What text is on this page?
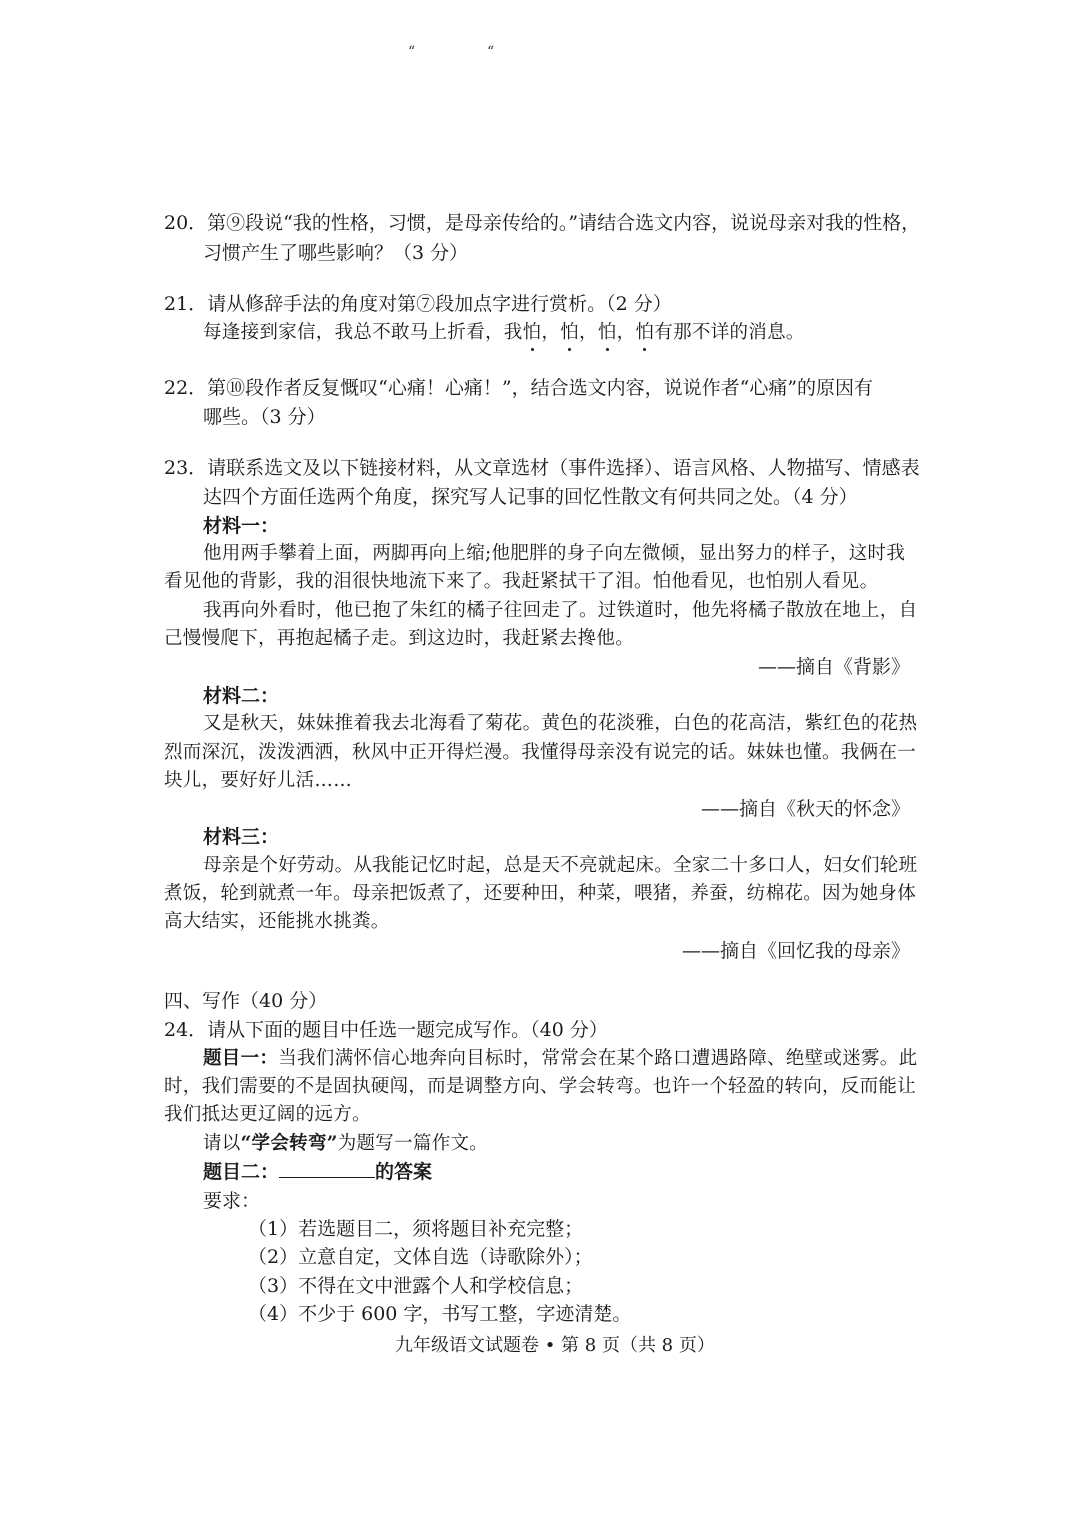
“	“
20．第⑨段说“我的性格，习惯，是母亲传给的。”请结合选文内容，说说母亲对我的性格，
习惯产生了哪些影响？（3 分）
21．请从修辞手法的角度对第⑦段加点字进行赏析。（2 分）
每逢接到家信，我总不敢马上折看，我怕，怕，怕，怕有那不详的消息。
22．第⑩段作者反复慨叹“心痛！心痛！”，结合选文内容，说说作者“心痛”的原因有
哪些。（3 分）
23．请联系选文及以下链接材料，从文章选材（事件选择）、语言风格、人物描写、情感表
达四个方面任选两个角度，探究写人记事的回忆性散文有何共同之处。（4 分）
材料一：
他用两手攀着上面，两脚再向上缩;他肥胖的身子向左微倾，显出努力的样子，这时我
看见他的背影，我的泪很快地流下来了。我赶紧拭干了泪。怕他看见，也怕别人看见。
我再向外看时，他已抱了朱红的橘子往回走了。过铁道时，他先将橘子散放在地上，自
己慢慢爬下，再抱起橘子走。到这边时，我赶紧去搀他。
——摘自《背影》
材料二：
又是秋天，妹妹推着我去北海看了菊花。黄色的花淡雅，白色的花高洁，紫红色的花热
烈而深沉，泼泼洒洒，秋风中正开得烂漫。我懂得母亲没有说完的话。妹妹也懂。我俩在一
块儿，要好好儿活……
——摘自《秋天的怀念》
材料三：
母亲是个好劳动。从我能记忆时起，总是天不亮就起床。全家二十多口人，妇女们轮班
煮饭，轮到就煮一年。母亲把饭煮了，还要种田，种菜，喂猪，养蚕，纺棉花。因为她身体
高大结实，还能挑水挑粪。
——摘自《回忆我的母亲》
四、写作（40 分）
24．请从下面的题目中任选一题完成写作。（40 分）
题目一：当我们满怀信心地奔向目标时，常常会在某个路口遭遇路障、绝壁或迷雾。此
时，我们需要的不是固执硬闯，而是调整方向、学会转弯。也许一个轻盈的转向，反而能让
我们抵达更辽阔的远方。
请以“学会转弯”为题写一篇作文。
题目二：	的答案
要求：
（1）若选题目二，须将题目补充完整；
（2）立意自定，文体自选（诗歌除外）；
（3）不得在文中泄露个人和学校信息；
（4）不少于 600 字，书写工整，字迹清楚。
九年级语文试题卷 • 第 8 页（共 8 页）
